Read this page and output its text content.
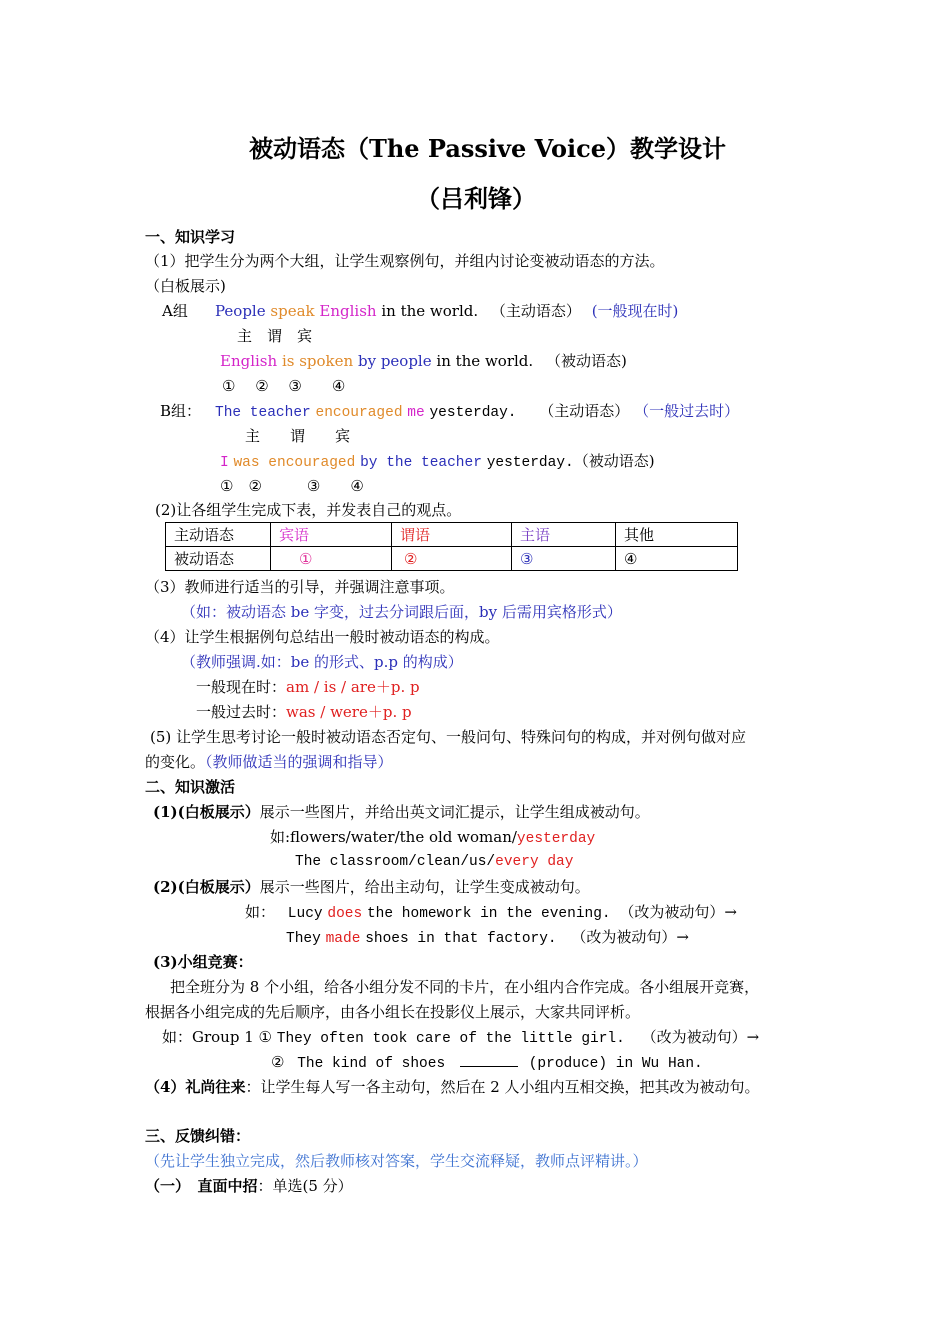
被动语态（The Passive Voice）教学设计
（吕利锋）
一、知识学习
（1）把学生分为两个大组，让学生观察例句，并组内讨论变被动语态的方法。
（白板展示)
A组 People speak English in the world. （主动语态） (一般现在时)
主　谓　宾
English is spoken by people in the world. （被动语态)
①　 ②　 ③　　④
B组： The teacher encouraged me yesterday. （主动语态） （一般过去时）
主　　谓　　宾
I was encouraged by the teacher yesterday.（被动语态)
①　②　　　③　　④
(2)让各组学生完成下表，并发表自己的观点。
主动语态	宾语	谓语	主语	其他
被动语态	①	②	③	④
（3）教师进行适当的引导，并强调注意事项。
（如：被动语态 be 字变，过去分词跟后面，by 后需用宾格形式）
（4）让学生根据例句总结出一般时被动语态的构成。
（教师强调.如：be 的形式、p.p 的构成）
一般现在时：am / is / are＋p. p
一般过去时：was / were＋p. p
(5) 让学生思考讨论一般时被动语态否定句、一般问句、特殊问句的构成，并对例句做对应
的变化。（教师做适当的强调和指导）
二、知识激活
(1)(白板展示）展示一些图片，并给出英文词汇提示，让学生组成被动句。
如:flowers/water/the old woman/yesterday
The classroom/clean/us/every day
(2)(白板展示）展示一些图片，给出主动句，让学生变成被动句。
如： Lucy does the homework in the evening. （改为被动句）→
They made shoes in that factory. （改为被动句）→
(3)小组竞赛：
把全班分为 8 个小组，给各小组分发不同的卡片，在小组内合作完成。各小组展开竞赛，
根据各小组完成的先后顺序，由各小组长在投影仪上展示，大家共同评析。
如：Group 1 ① They often took care of the little girl. （改为被动句）→
② The kind of shoes	(produce) in Wu Han.
（4）礼尚往来：让学生每人写一各主动句，然后在 2 人小组内互相交换，把其改为被动句。
三、反馈纠错：
（先让学生独立完成，然后教师核对答案，学生交流释疑，教师点评精讲。）
（一）　直面中招：单选(5 分）
